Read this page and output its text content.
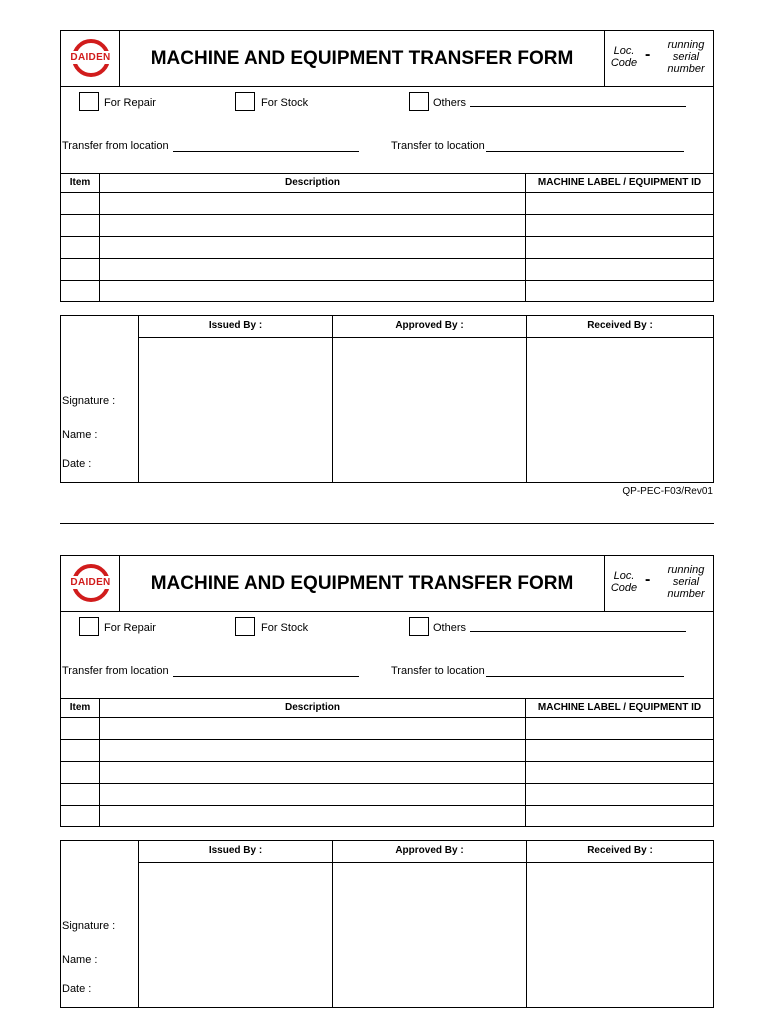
DAIDEN	MACHINE AND EQUIPMENT TRANSFER FORM	Loc.
Code -
running
serial
number
For Repair	For Stock	Others
Transfer from location	Transfer to location
Item	Description	MACHINE LABEL / EQUIPMENT ID
Issued By :	Approved By :	Received By :
Signature :
Name :
Date :
QP-PEC-F03/Rev01
DAIDEN	MACHINE AND EQUIPMENT TRANSFER FORM	Loc.
Code -
running
serial
number
For Repair	For Stock	Others
Transfer from location	Transfer to location
Item	Description	MACHINE LABEL / EQUIPMENT ID
Issued By :	Approved By :	Received By :
Signature :
Name :
Date :
